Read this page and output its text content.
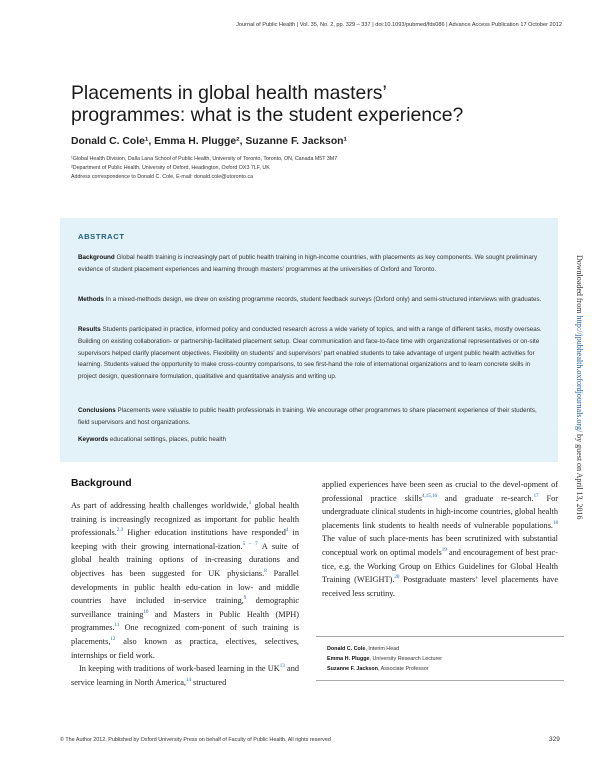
Journal of Public Health | Vol. 35, No. 2, pp. 329 – 337 | doi:10.1093/pubmed/fds086 | Advance Access Publication 17 October 2012
Placements in global health masters’ programmes: what is the student experience?
Donald C. Cole¹, Emma H. Plugge², Suzanne F. Jackson¹
¹Global Health Division, Dalla Lana School of Public Health, University of Toronto, Toronto, ON, Canada M5T 3M7
²Department of Public Health, University of Oxford, Headington, Oxford OX3 7LF, UK
Address correspondence to Donald C. Cole, E-mail: donald.cole@utoronto.ca
ABSTRACT

Background Global health training is increasingly part of public health training in high-income countries, with placements as key components. We sought preliminary evidence of student placement experiences and learning through masters’ programmes at the universities of Oxford and Toronto.

Methods In a mixed-methods design, we drew on existing programme records, student feedback surveys (Oxford only) and semi-structured interviews with graduates.

Results Students participated in practice, informed policy and conducted research across a wide variety of topics, and with a range of different tasks, mostly overseas. Building on existing collaboration- or partnership-facilitated placement setup. Clear communication and face-to-face time with organizational representatives or on-site supervisors helped clarify placement objectives. Flexibility on students’ and supervisors’ part enabled students to take advantage of urgent public health activities for learning. Students valued the opportunity to make cross-country comparisons, to see first-hand the role of international organizations and to learn concrete skills in project design, questionnaire formulation, qualitative and quantitative analysis and writing up.

Conclusions Placements were valuable to public health professionals in training. We encourage other programmes to share placement experience of their students, field supervisors and host organizations.

Keywords educational settings, places, public health

Downloaded from http://jpubhealth.oxfordjournals.org/ by guest on April 13, 2016
Background

As part of addressing health challenges worldwide,$^1$ global health training is increasingly recognized as important for public health professionals.$^{2,3}$ Higher education institutions have responded$^4$ in keeping with their growing international-ization.$^{5 - 7}$ A suite of global health training options of in-creasing durations and objectives has been suggested for UK physicians.$^8$ Parallel developments in public health edu-cation in low- and middle countries have included in-service training,$^9$ demographic surveillance training$^{10}$ and Masters in Public Health (MPH) programmes.$^{11}$ One recognized com-ponent of such training is placements,$^{12}$ also known as practica, electives, selectives, internships or field work.

In keeping with traditions of work-based learning in the UK$^{13}$ and service learning in North America,$^{14}$ structured

applied experiences have been seen as crucial to the devel-opment of professional practice skills$^{4,15,16}$ and graduate re-search.$^{17}$ For undergraduate clinical students in high-income countries, global health placements link students to health needs of vulnerable populations.$^{18}$ The value of such place-ments has been scrutinized with substantial conceptual work on optimal models$^{19}$ and encouragement of best prac-tice, e.g. the Working Group on Ethics Guidelines for Global Health Training (WEIGHT).$^{20}$ Postgraduate masters’ level placements have received less scrutiny.

Donald C. Cole, Interim Head
Emma H. Plugge, University Research Lecturer
Suzanne F. Jackson, Associate Professor
© The Author 2012, Published by Oxford University Press on behalf of Faculty of Public Health. All rights reserved	329
